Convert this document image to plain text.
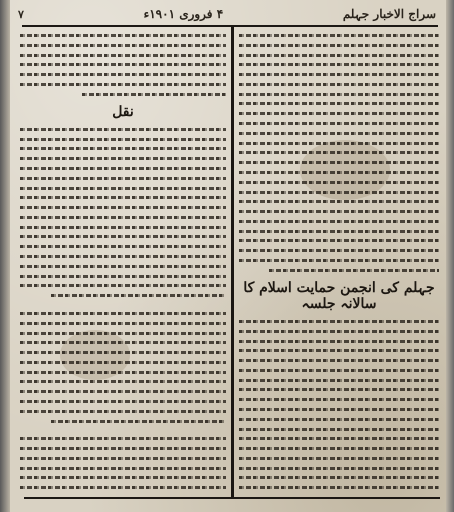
سراج الاخبار جہلم
۴ فروری ۱۹۰۱ء
۷
جہلم کی انجمن حمایت اسلام کا سالانہ جلسہ
نقل
